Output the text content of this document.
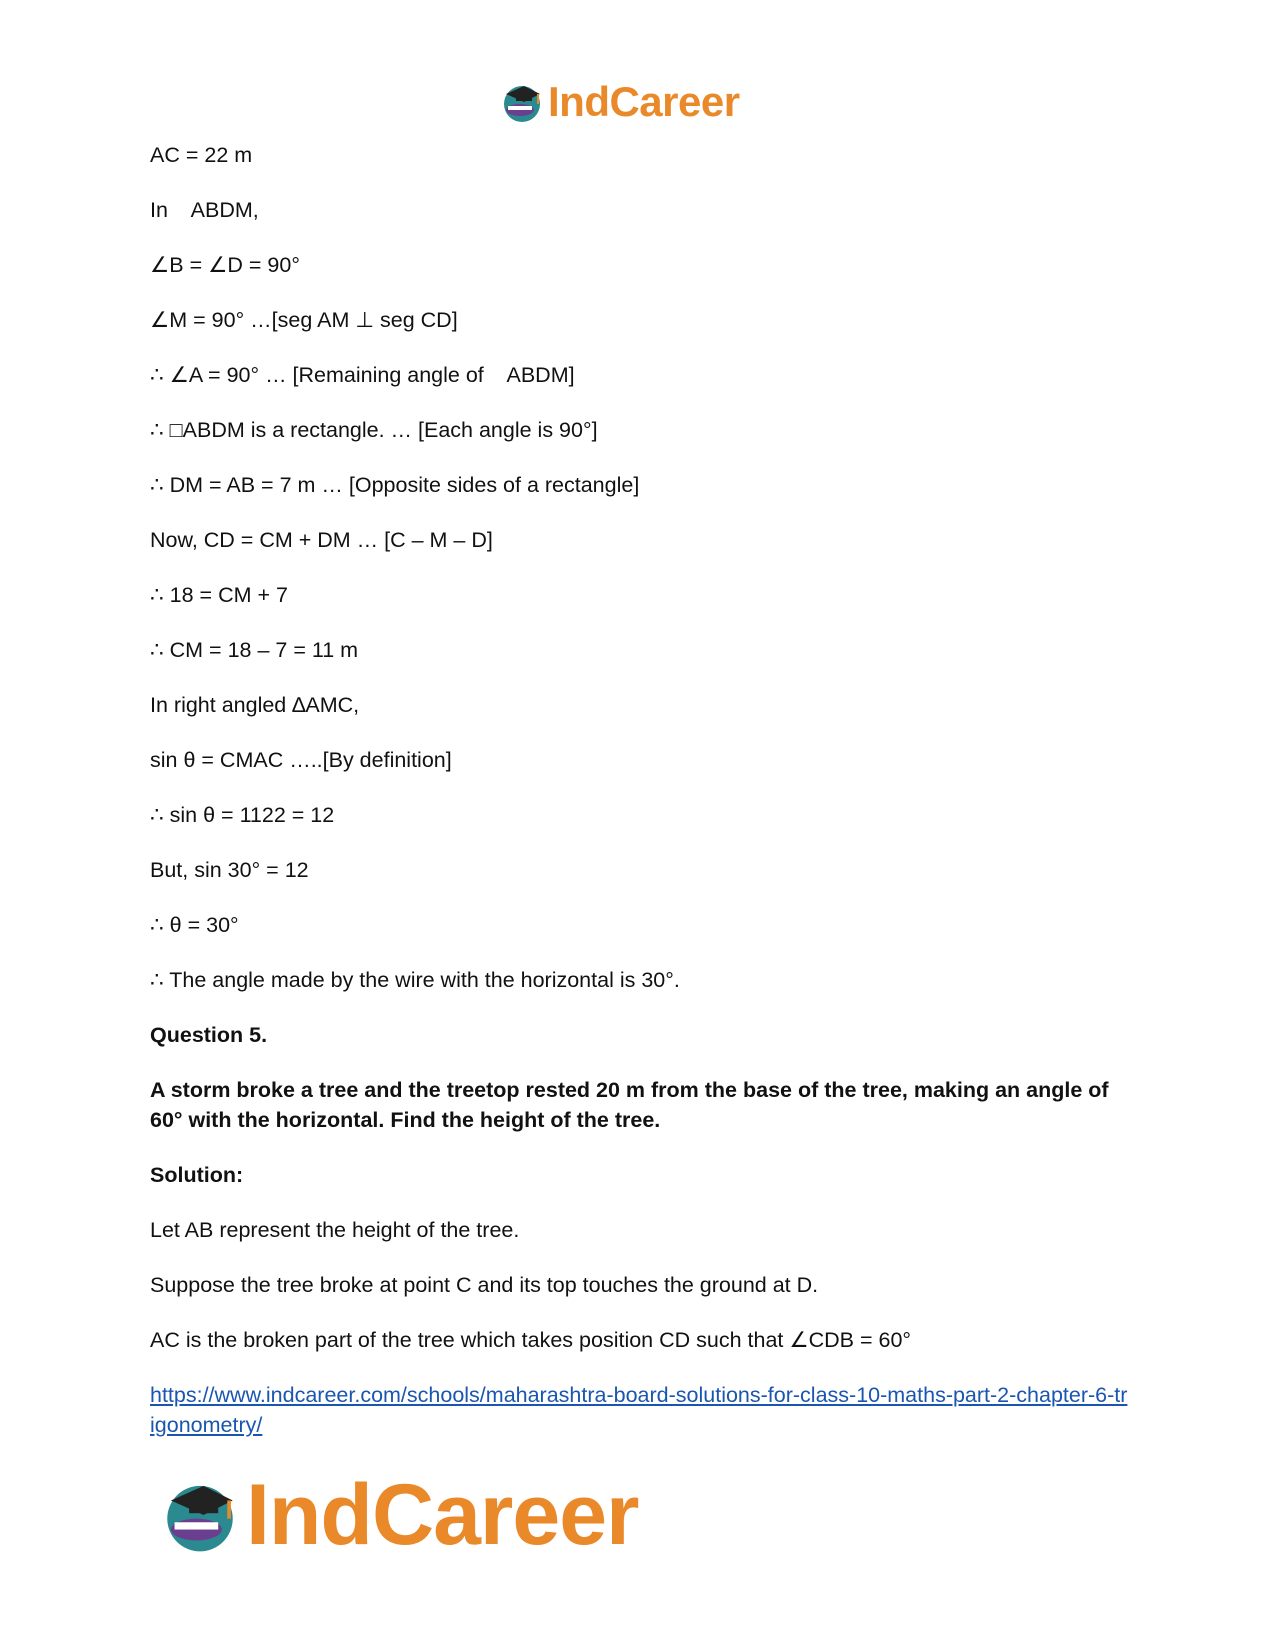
IndCareer

AC = 22 m

In    ABDM,

∠B = ∠D = 90°

∠M = 90° …[seg AM ⊥ seg CD]

∴ ∠A = 90° … [Remaining angle of    ABDM]

∴ □ABDM is a rectangle. … [Each angle is 90°]

∴ DM = AB = 7 m … [Opposite sides of a rectangle]

Now, CD = CM + DM … [C – M – D]

∴ 18 = CM + 7

∴ CM = 18 – 7 = 11 m

In right angled ∆AMC,

sin θ = CMAC …..[By definition]

∴ sin θ = 1122 = 12

But, sin 30° = 12

∴ θ = 30°

∴ The angle made by the wire with the horizontal is 30°.

Question 5.

A storm broke a tree and the treetop rested 20 m from the base of the tree, making an angle of 60° with the horizontal. Find the height of the tree.

Solution:

Let AB represent the height of the tree.

Suppose the tree broke at point C and its top touches the ground at D.

AC is the broken part of the tree which takes position CD such that ∠CDB = 60°

https://www.indcareer.com/schools/maharashtra-board-solutions-for-class-10-maths-part-2-chapter-6-trigonometry/
IndCareer
